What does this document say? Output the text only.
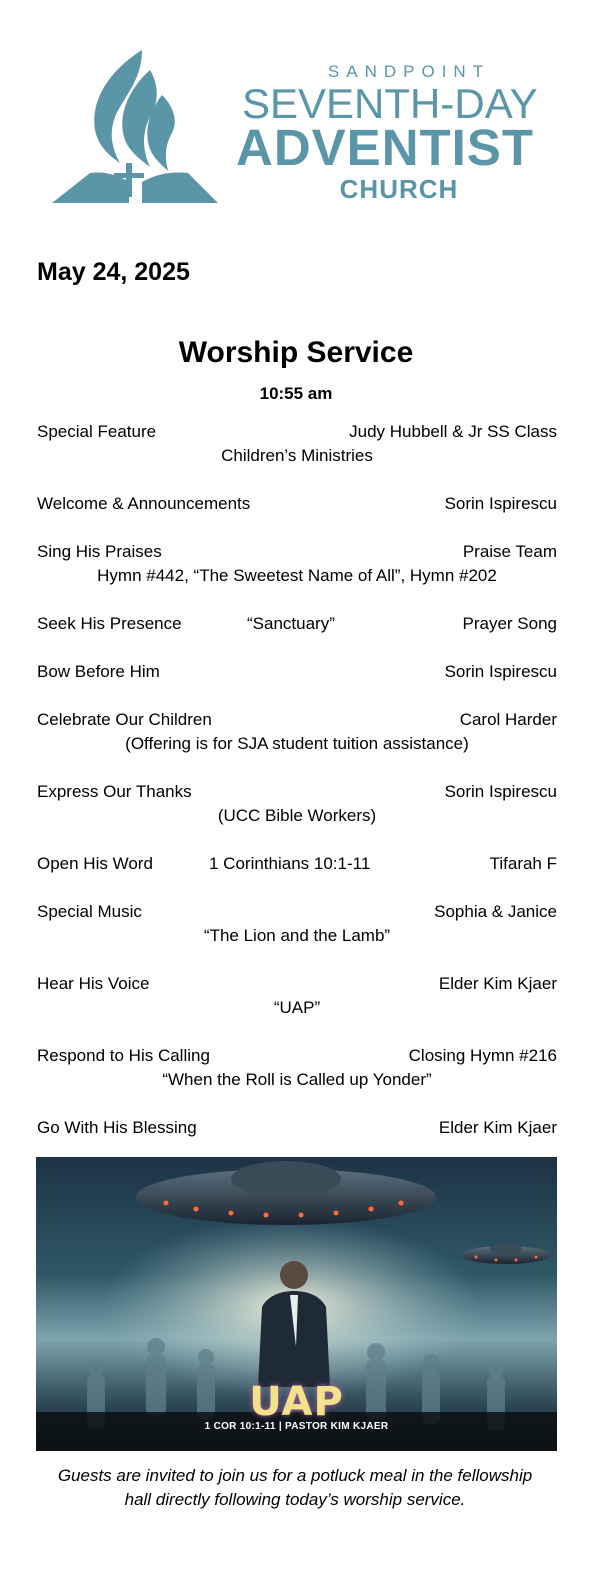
SANDPOINT
SEVENTH-DAY
ADVENTIST
CHURCH
May 24, 2025
Worship Service
10:55 am
Special Feature	Judy Hubbell & Jr SS Class
Children’s Ministries
Welcome & Announcements	Sorin Ispirescu
Sing His Praises	Praise Team
Hymn #442, “The Sweetest Name of All”, Hymn #202
Seek His Presence	“Sanctuary”	Prayer Song
Bow Before Him	Sorin Ispirescu
Celebrate Our Children	Carol Harder
(Offering is for SJA student tuition assistance)
Express Our Thanks	Sorin Ispirescu
(UCC Bible Workers)
Open His Word	1 Corinthians 10:1-11	Tifarah F
Special Music	Sophia & Janice
“The Lion and the Lamb”
Hear His Voice	Elder Kim Kjaer
“UAP”
Respond to His Calling	Closing Hymn #216
“When the Roll is Called up Yonder”
Go With His Blessing	Elder Kim Kjaer
UAP
1 COR 10:1-11 | PASTOR KIM KJAER
Guests are invited to join us for a potluck meal in the fellowship
hall directly following today’s worship service.
